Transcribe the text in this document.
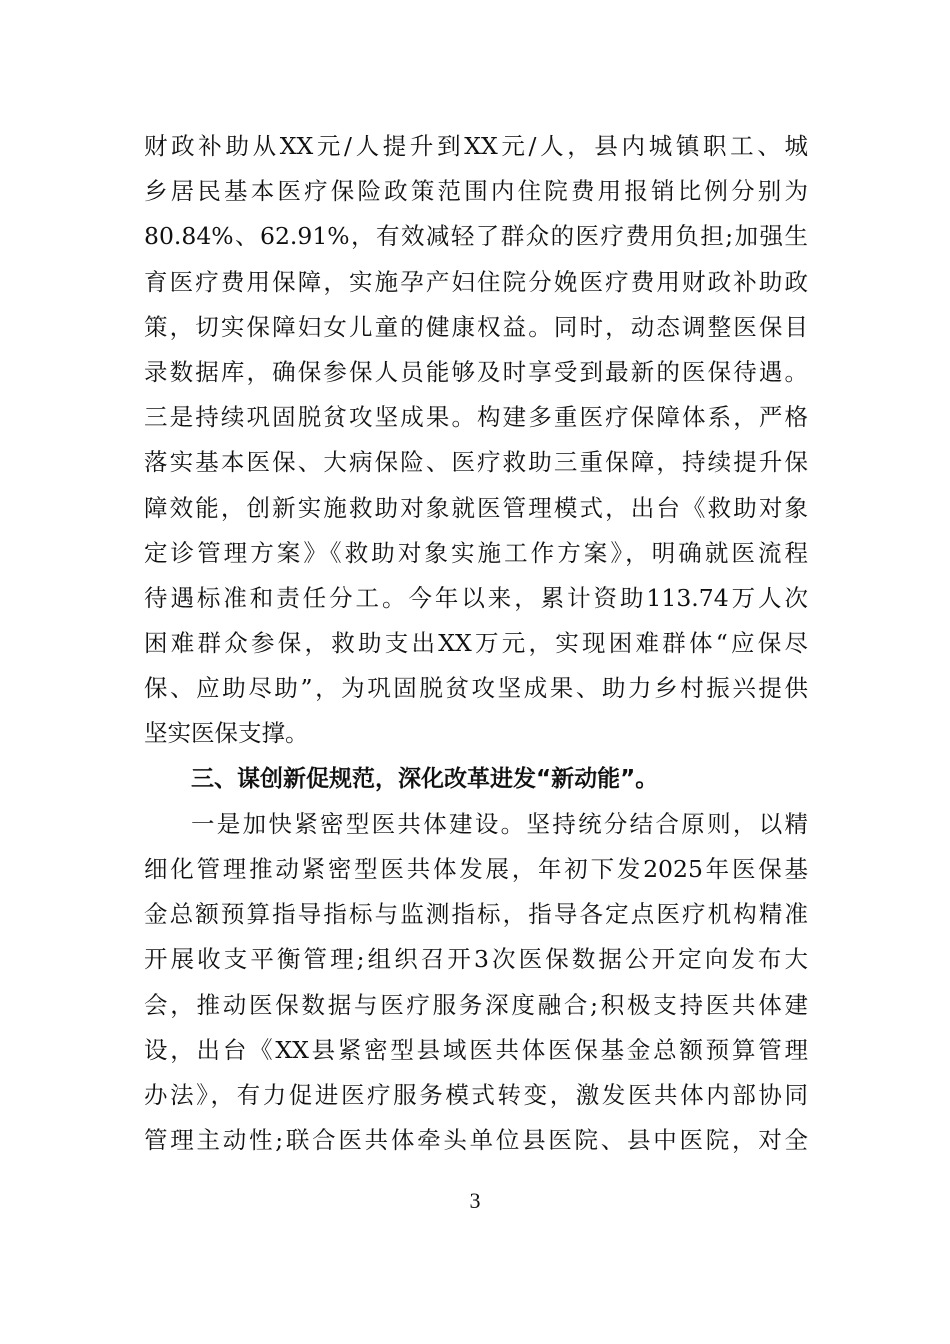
财政补助从XX元/人提升到XX元/人，县内城镇职工、城
乡居民基本医疗保险政策范围内住院费用报销比例分别为
80.84%、62.91%，有效减轻了群众的医疗费用负担;加强生
育医疗费用保障，实施孕产妇住院分娩医疗费用财政补助政
策，切实保障妇女儿童的健康权益。同时，动态调整医保目
录数据库，确保参保人员能够及时享受到最新的医保待遇。
三是持续巩固脱贫攻坚成果。构建多重医疗保障体系，严格
落实基本医保、大病保险、医疗救助三重保障，持续提升保
障效能，创新实施救助对象就医管理模式，出台《救助对象
定诊管理方案》《救助对象实施工作方案》，明确就医流程
待遇标准和责任分工。今年以来，累计资助113.74万人次
困难群众参保，救助支出XX万元，实现困难群体“应保尽
保、应助尽助”，为巩固脱贫攻坚成果、助力乡村振兴提供
坚实医保支撑。
三、谋创新促规范，深化改革进发“新动能”。
一是加快紧密型医共体建设。坚持统分结合原则，以精
细化管理推动紧密型医共体发展，年初下发2025年医保基
金总额预算指导指标与监测指标，指导各定点医疗机构精准
开展收支平衡管理;组织召开3次医保数据公开定向发布大
会，推动医保数据与医疗服务深度融合;积极支持医共体建
设，出台《XX县紧密型县域医共体医保基金总额预算管理
办法》，有力促进医疗服务模式转变，激发医共体内部协同
管理主动性;联合医共体牵头单位县医院、县中医院，对全
3
